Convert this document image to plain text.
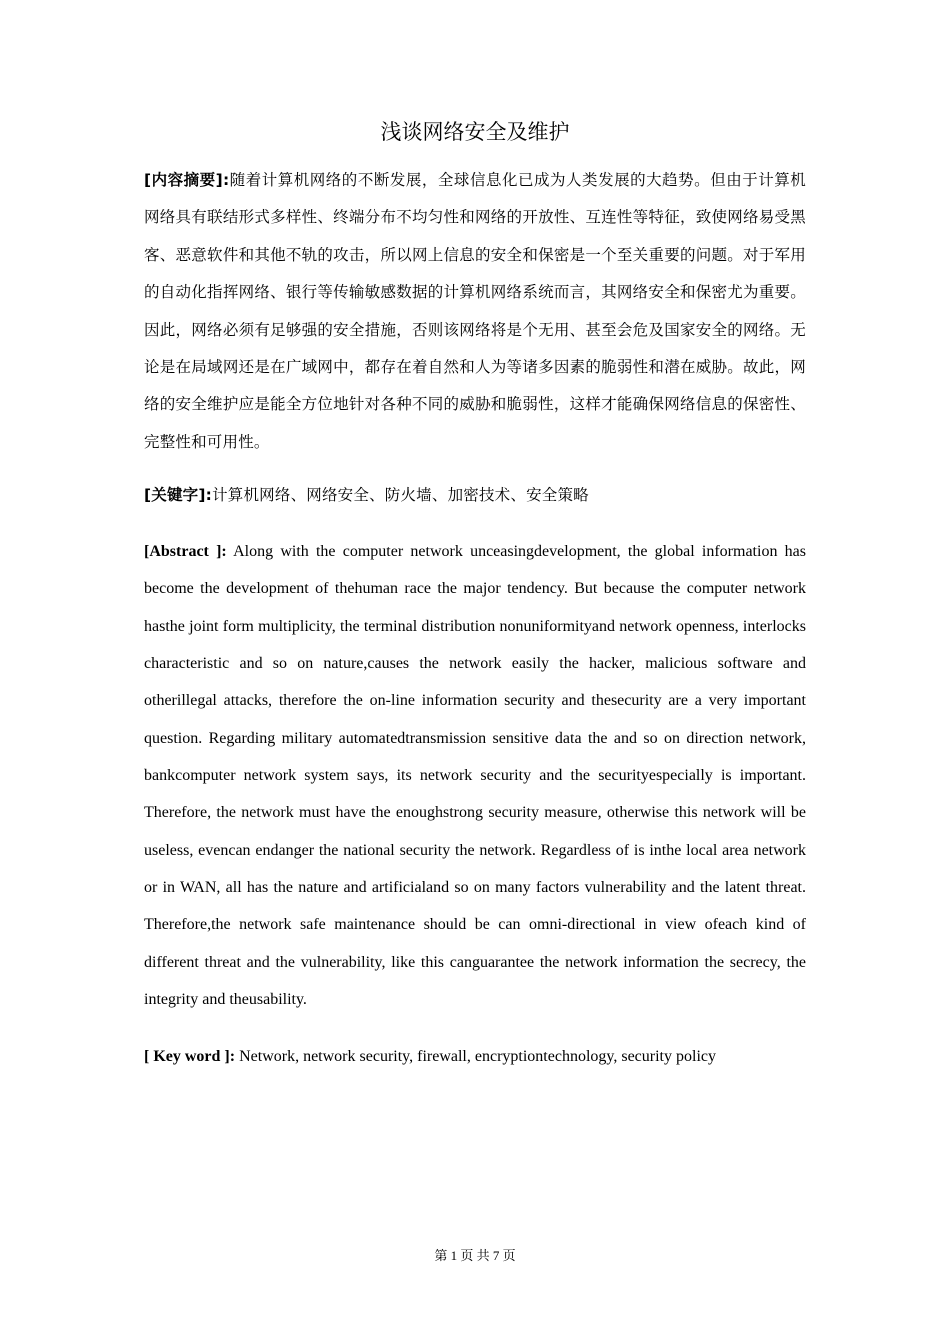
浅谈网络安全及维护

[内容摘要]:随着计算机网络的不断发展，全球信息化已成为人类发展的大趋势。但由于计算机网络具有联结形式多样性、终端分布不均匀性和网络的开放性、互连性等特征，致使网络易受黑客、恶意软件和其他不轨的攻击，所以网上信息的安全和保密是一个至关重要的问题。对于军用的自动化指挥网络、银行等传输敏感数据的计算机网络系统而言，其网络安全和保密尤为重要。因此，网络必须有足够强的安全措施，否则该网络将是个无用、甚至会危及国家安全的网络。无论是在局域网还是在广域网中，都存在着自然和人为等诸多因素的脆弱性和潜在威胁。故此，网络的安全维护应是能全方位地针对各种不同的威胁和脆弱性，这样才能确保网络信息的保密性、完整性和可用性。

[关键字]:计算机网络、网络安全、防火墙、加密技术、安全策略

[Abstract ]: Along with the computer network unceasingdevelopment, the global information has become the development of thehuman race the major tendency. But because the computer network hasthe joint form multiplicity, the terminal distribution nonuniformityand network openness, interlocks characteristic and so on nature,causes the network easily the hacker, malicious software and otherillegal attacks, therefore the on-line information security and thesecurity are a very important question. Regarding military automatedtransmission sensitive data the and so on direction network, bankcomputer network system says, its network security and the securityespecially is important. Therefore, the network must have the enoughstrong security measure, otherwise this network will be useless, evencan endanger the national security the network. Regardless of is inthe local area network or in WAN, all has the nature and artificialand so on many factors vulnerability and the latent threat. Therefore,the network safe maintenance should be can omni-directional in view ofeach kind of different threat and the vulnerability, like this canguarantee the network information the secrecy, the integrity and theusability.

[ Key word ]: Network, network security, firewall, encryptiontechnology, security policy

第 1 页 共 7 页
